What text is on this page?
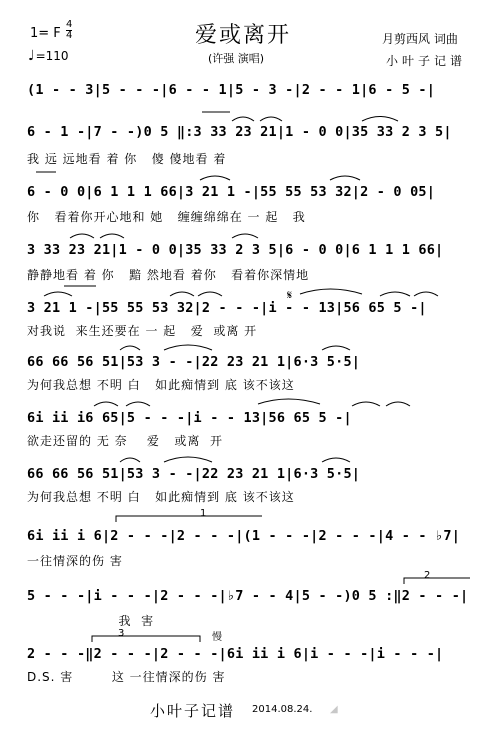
1= F
4
4
♩=110
爱或离开
(许强 演唱)
月剪西风 词曲
小叶子记谱
(1 - - 3|5 - - -|6 - - 1|5 - 3 -|2 - - 1|6 - 5 -|
6 - 1 -|7 - -)0 5 ‖:3 33 23 21|1 - 0 0|35 33 2 3 5|
我 远 远地看 着 你   傻 傻地看 着
6 - 0 0|6 1 1 1 66|3 21 1 -|55 55 53 32|2 - 0 05|
你   看着你开心地和 她   缠缠绵绵在 一 起   我
3 33 23 21|1 - 0 0|35 33 2 3 5|6 - 0 0|6 1 1 1 66|
静静地看 着 你   黯 然地看 着你   看着你深情地
3 21 1 -|55 55 53 32|2 - - -|i - - 13|56 65 5 -|
对我说  来生还要在 一 起   爱  或离 开
66 66 56 51|53 3 - -|22 23 21 1|6·3 5·5|
为何我总想 不明 白   如此痴情到 底 该不该这
6i ii i6 65|5 - - -|i - - 13|56 65 5 -|
欲走还留的 无 奈    爱   或离  开
66 66 56 51|53 3 - -|22 23 21 1|6·3 5·5|
为何我总想 不明 白   如此痴情到 底 该不该这
6i ii i 6|2 - - -|2 - - -|(1 - - -|2 - - -|4 - - ♭7|
一往情深的伤 害
5 - - -|i - - -|2 - - -|♭7 - - 4|5 - -)0 5 :‖2 - - -|
我  害
2 - - -‖2 - - -|2 - - -|6i ii i 6|i - - -|i - - -|
D.S. 害        这 一往情深的伤 害
1
2
3	慢
𝄋
小叶子记谱 2014.08.24. ◢
